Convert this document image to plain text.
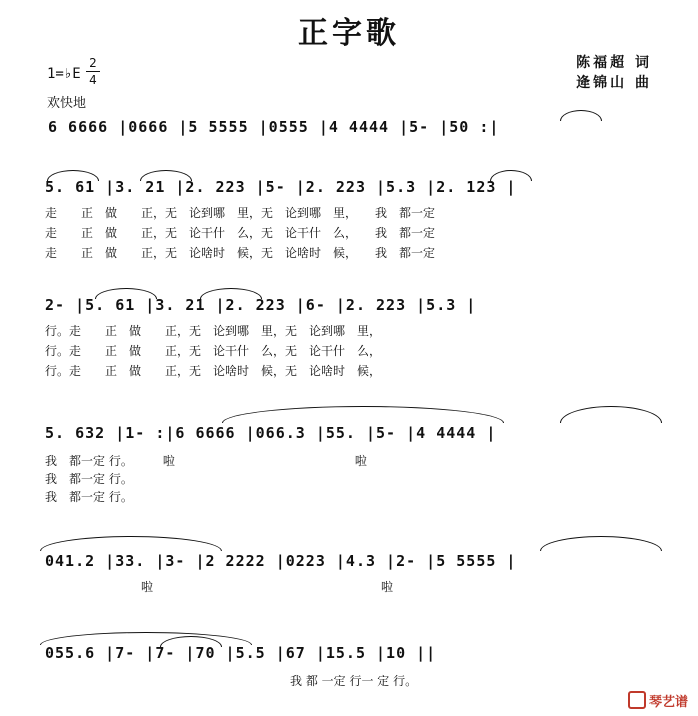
正字歌
1=♭E
2
4
欢快地
陈福超 词
逄锦山 曲
6 6666 |0666 |5 5555 |0555 |4 4444 |5- |50 :|
5. 61 |3. 21 |2. 223 |5- |2. 223 |5.3 |2. 123 |
走　　正　做　　正，无　论到哪　里，无　论到哪　里，　　我　都一定
走　　正　做　　正，无　论干什　么，无　论干什　么，　　我　都一定
走　　正　做　　正，无　论啥时　候，无　论啥时　候，　　我　都一定
2- |5. 61 |3. 21 |2. 223 |6- |2. 223 |5.3 |
行。走　　正　做　　正，无　论到哪　里，无　论到哪　里，
行。走　　正　做　　正，无　论干什　么，无　论干什　么，
行。走　　正　做　　正，无　论啥时　候，无　论啥时　候，
5. 632 |1- :|6 6666 |066.3 |55. |5- |4 4444 |
我　都一定 行。　　　啦　　　　　　　　　　　　　　　啦
我　都一定 行。
我　都一定 行。
041.2 |33. |3- |2 2222 |0223 |4.3 |2- |5 5555 |
　　　　　　　　啦　　　　　　　　　　　　　　　　　　　啦
055.6 |7- |7- |70 |5.5 |67 |15.5 |10 ||
我 都 一定 行一 定 行。
琴艺谱
